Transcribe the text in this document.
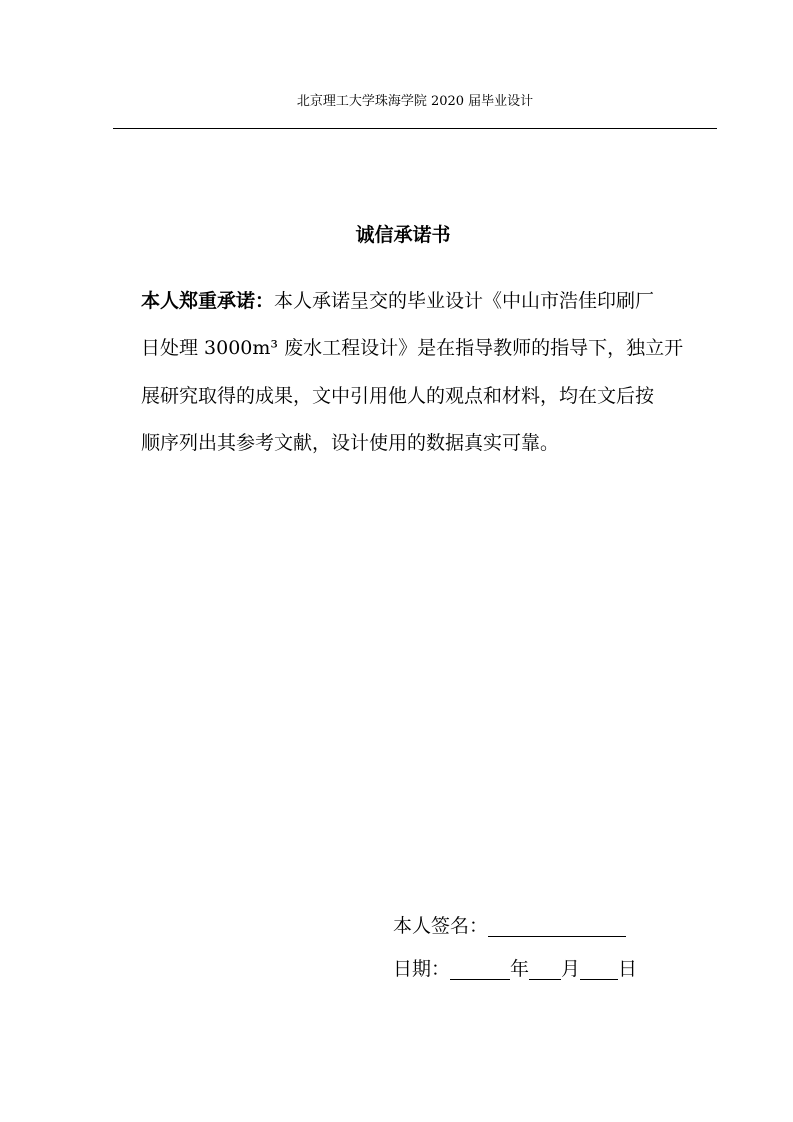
北京理工大学珠海学院 2020 届毕业设计
诚信承诺书
本人郑重承诺：本人承诺呈交的毕业设计《中山市浩佳印刷厂
日处理 3000m³ 废水工程设计》是在指导教师的指导下，独立开
展研究取得的成果，文中引用他人的观点和材料，均在文后按
顺序列出其参考文献，设计使用的数据真实可靠。
本人签名：
日期：	年 月 日
